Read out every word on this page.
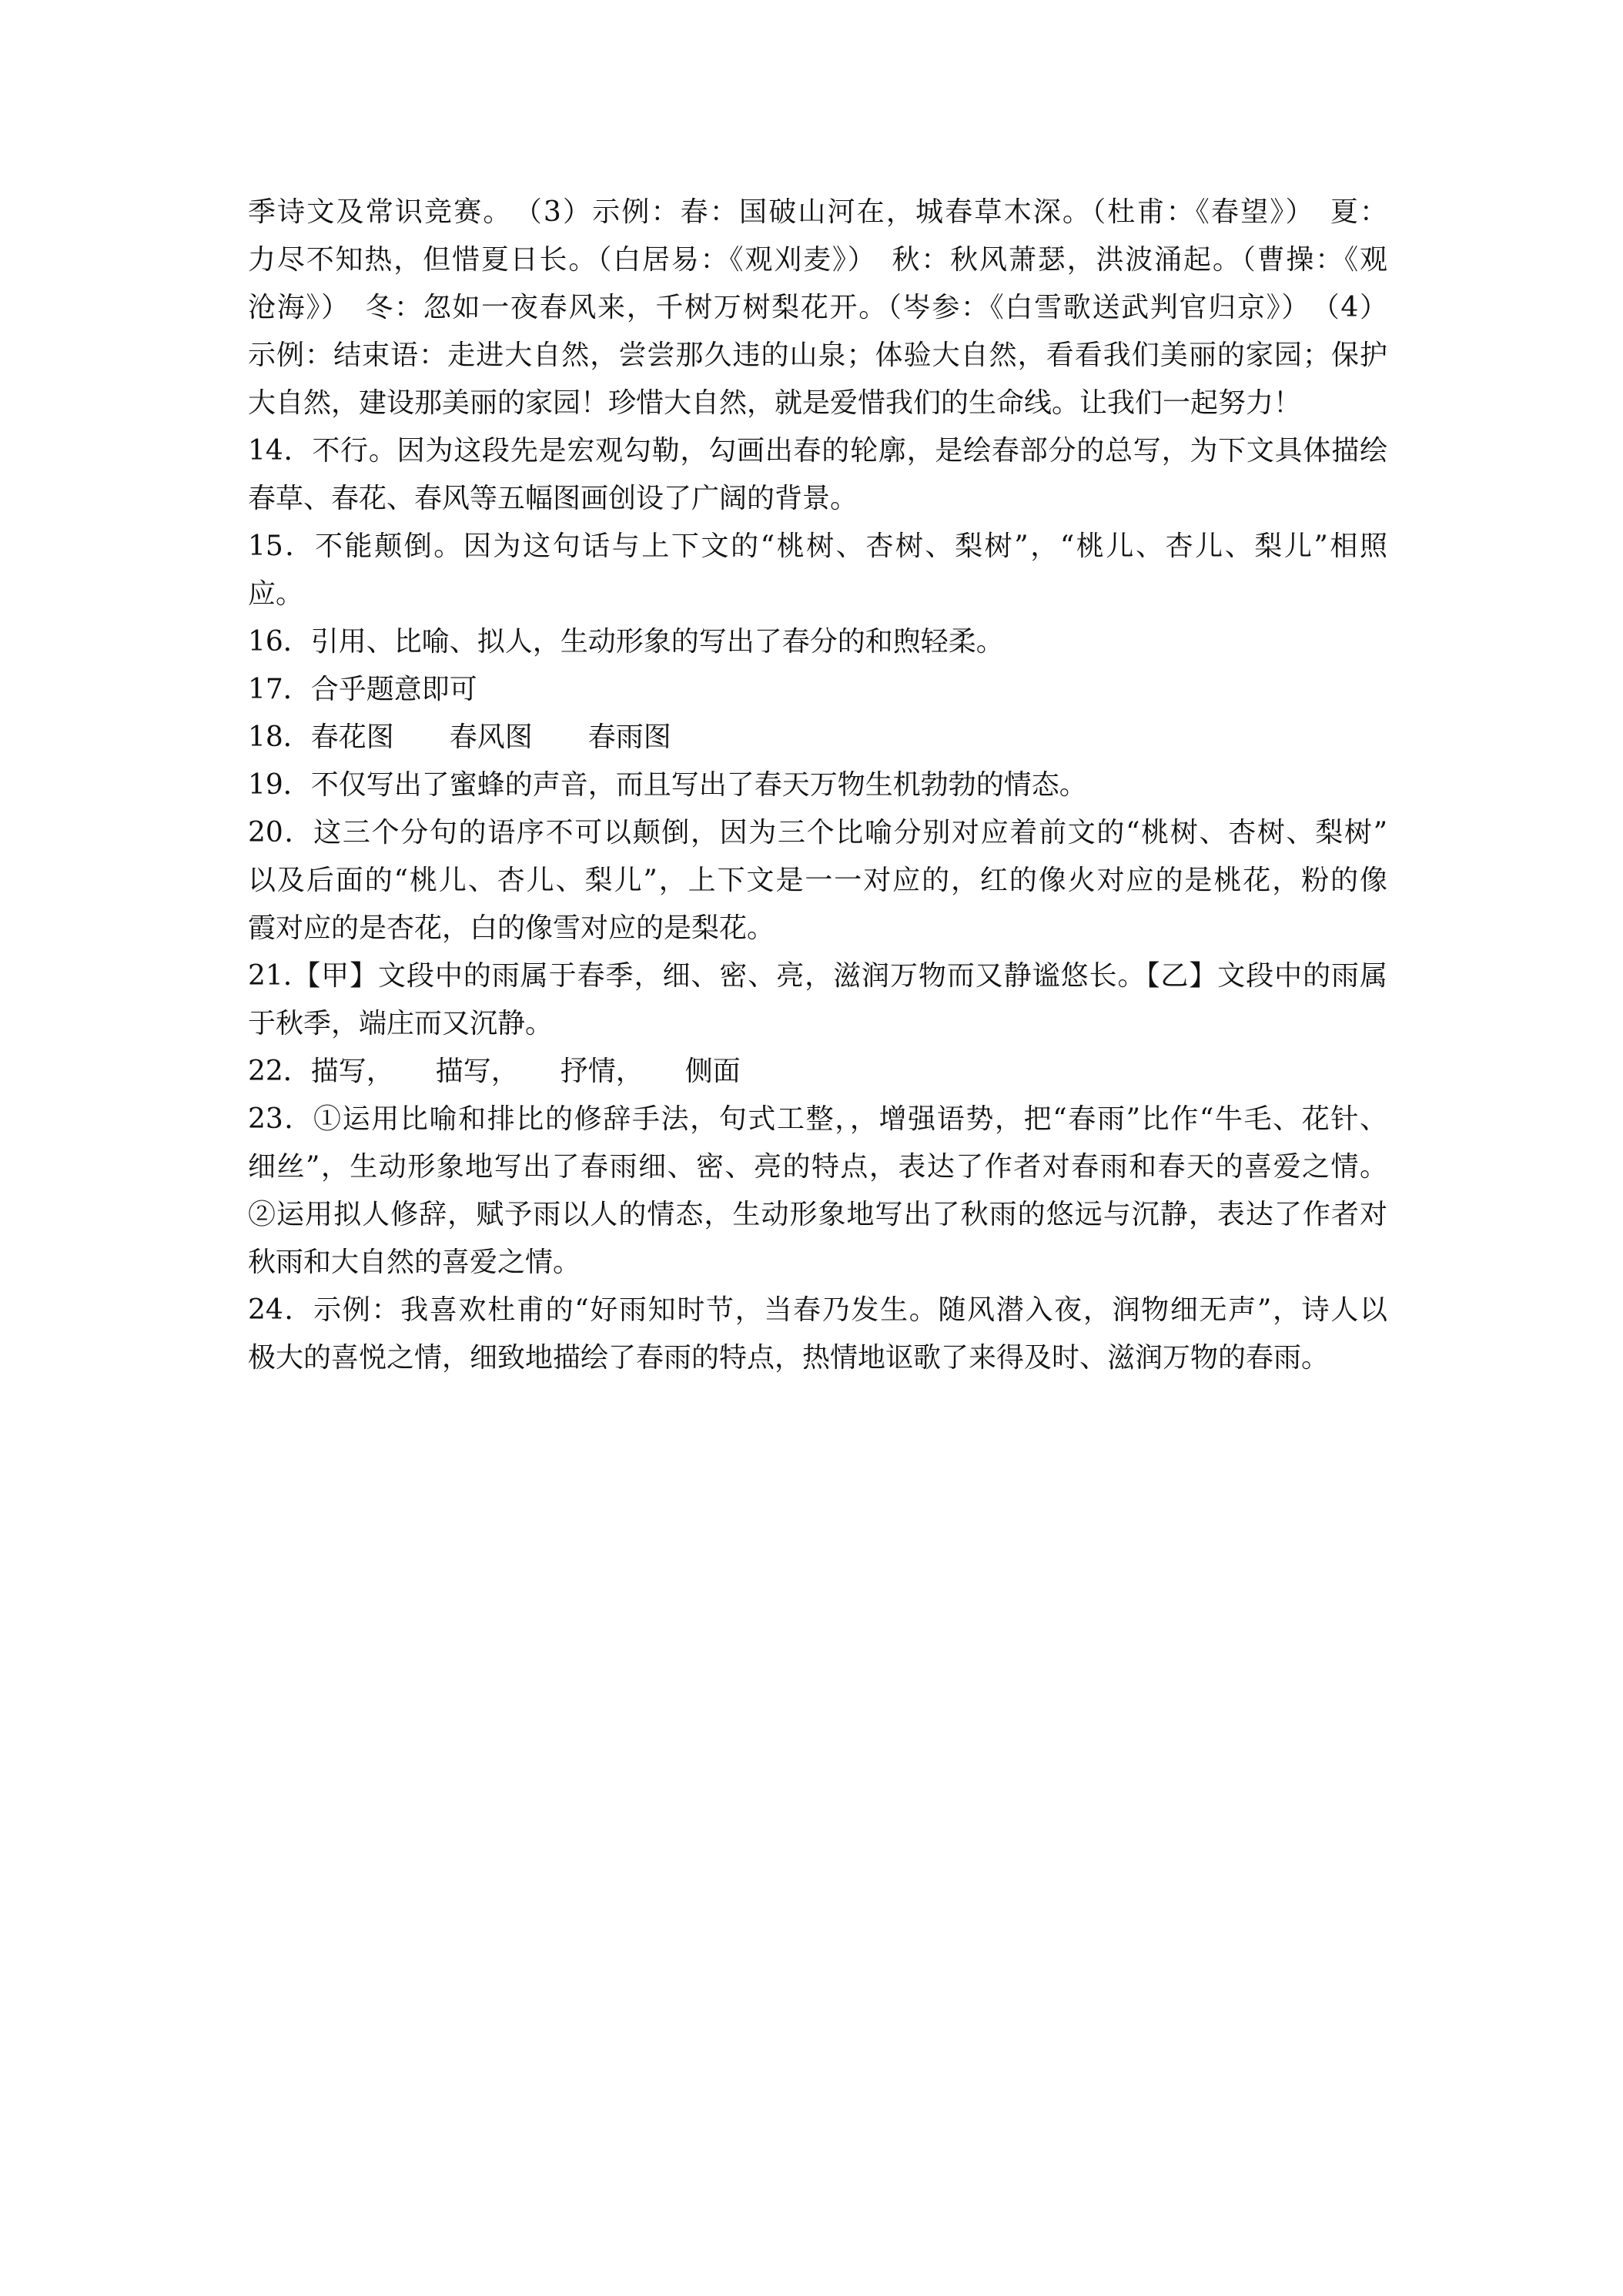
季诗文及常识竞赛。　（3）示例：春：国破山河在，城春草木深。（杜甫：《春望》）　夏：
力尽不知热，但惜夏日长。（白居易：《观刈麦》）　秋：秋风萧瑟，洪波涌起。（曹操：《观
沧海》）　冬：忽如一夜春风来，千树万树梨花开。（岑参：《白雪歌送武判官归京》）　（4）
示例：结束语：走进大自然，尝尝那久违的山泉；体验大自然，看看我们美丽的家园；保护
大自然，建设那美丽的家园！珍惜大自然，就是爱惜我们的生命线。让我们一起努力！
14．不行。因为这段先是宏观勾勒，勾画出春的轮廓，是绘春部分的总写，为下文具体描绘
春草、春花、春风等五幅图画创设了广阔的背景。
15．不能颠倒。因为这句话与上下文的“桃树、杏树、梨树”，“桃儿、杏儿、梨儿”相照
应。
16．引用、比喻、拟人，生动形象的写出了春分的和煦轻柔。
17．合乎题意即可
18．春花图　　春风图　　春雨图
19．不仅写出了蜜蜂的声音，而且写出了春天万物生机勃勃的情态。
20．这三个分句的语序不可以颠倒，因为三个比喻分别对应着前文的“桃树、杏树、梨树”
以及后面的“桃儿、杏儿、梨儿”，上下文是一一对应的，红的像火对应的是桃花，粉的像
霞对应的是杏花，白的像雪对应的是梨花。
21.【甲】文段中的雨属于春季，细、密、亮，滋润万物而又静谧悠长。【乙】文段中的雨属
于秋季，端庄而又沉静。
22．描写，　　描写，　　抒情，　　侧面
23．①运用比喻和排比的修辞手法，句式工整，，增强语势，把“春雨”比作“牛毛、花针、
细丝”，生动形象地写出了春雨细、密、亮的特点，表达了作者对春雨和春天的喜爱之情。
②运用拟人修辞，赋予雨以人的情态，生动形象地写出了秋雨的悠远与沉静，表达了作者对
秋雨和大自然的喜爱之情。
24．示例：我喜欢杜甫的“好雨知时节，当春乃发生。随风潜入夜，润物细无声”，诗人以
极大的喜悦之情，细致地描绘了春雨的特点，热情地讴歌了来得及时、滋润万物的春雨。
